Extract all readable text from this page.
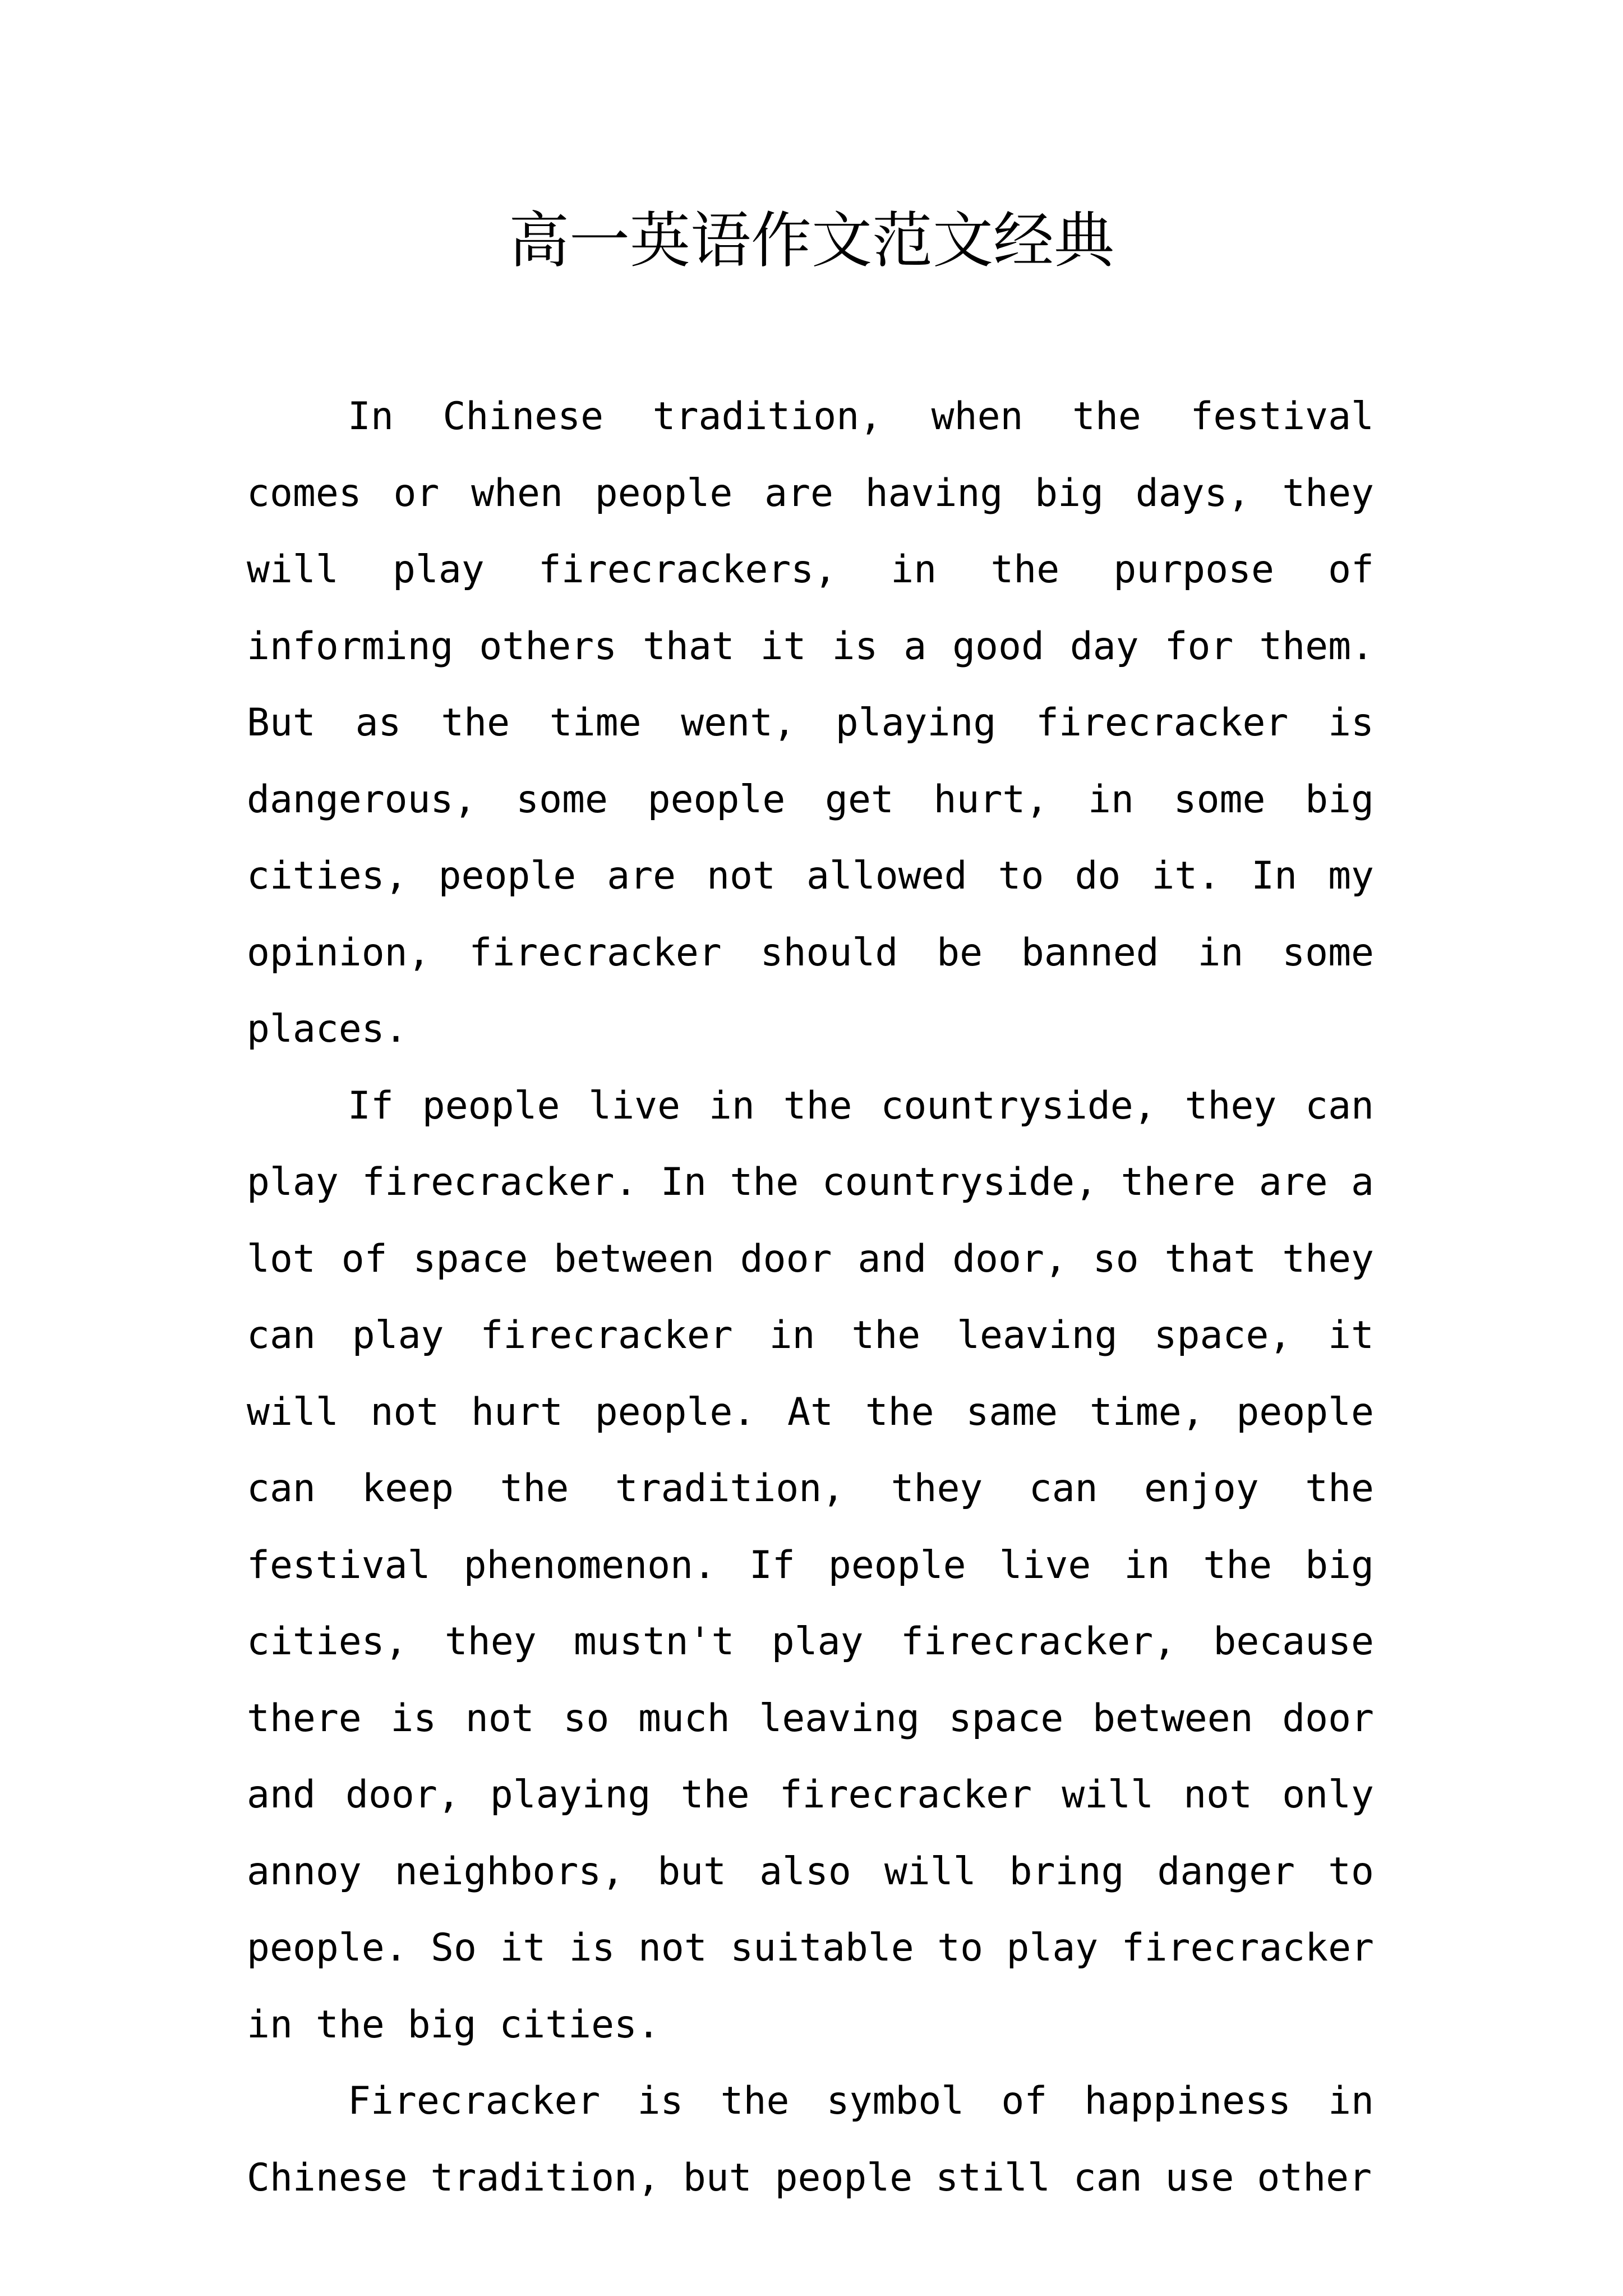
高一英语作文范文经典

In Chinese tradition, when the festival comes or when people are having big days, they will play firecrackers, in the purpose of informing others that it is a good day for them. But as the time went, playing firecracker is dangerous, some people get hurt, in some big cities, people are not allowed to do it. In my opinion, firecracker should be banned in some places.

If people live in the countryside, they can play firecracker. In the countryside, there are a lot of space between door and door, so that they can play firecracker in the leaving space, it will not hurt people. At the same time, people can keep the tradition, they can enjoy the festival phenomenon. If people live in the big cities, they mustn't play firecracker, because there is not so much leaving space between door and door, playing the firecracker will not only annoy neighbors, but also will bring danger to people. So it is not suitable to play firecracker in the big cities.

Firecracker is the symbol of happiness in Chinese tradition, but people still can use other
